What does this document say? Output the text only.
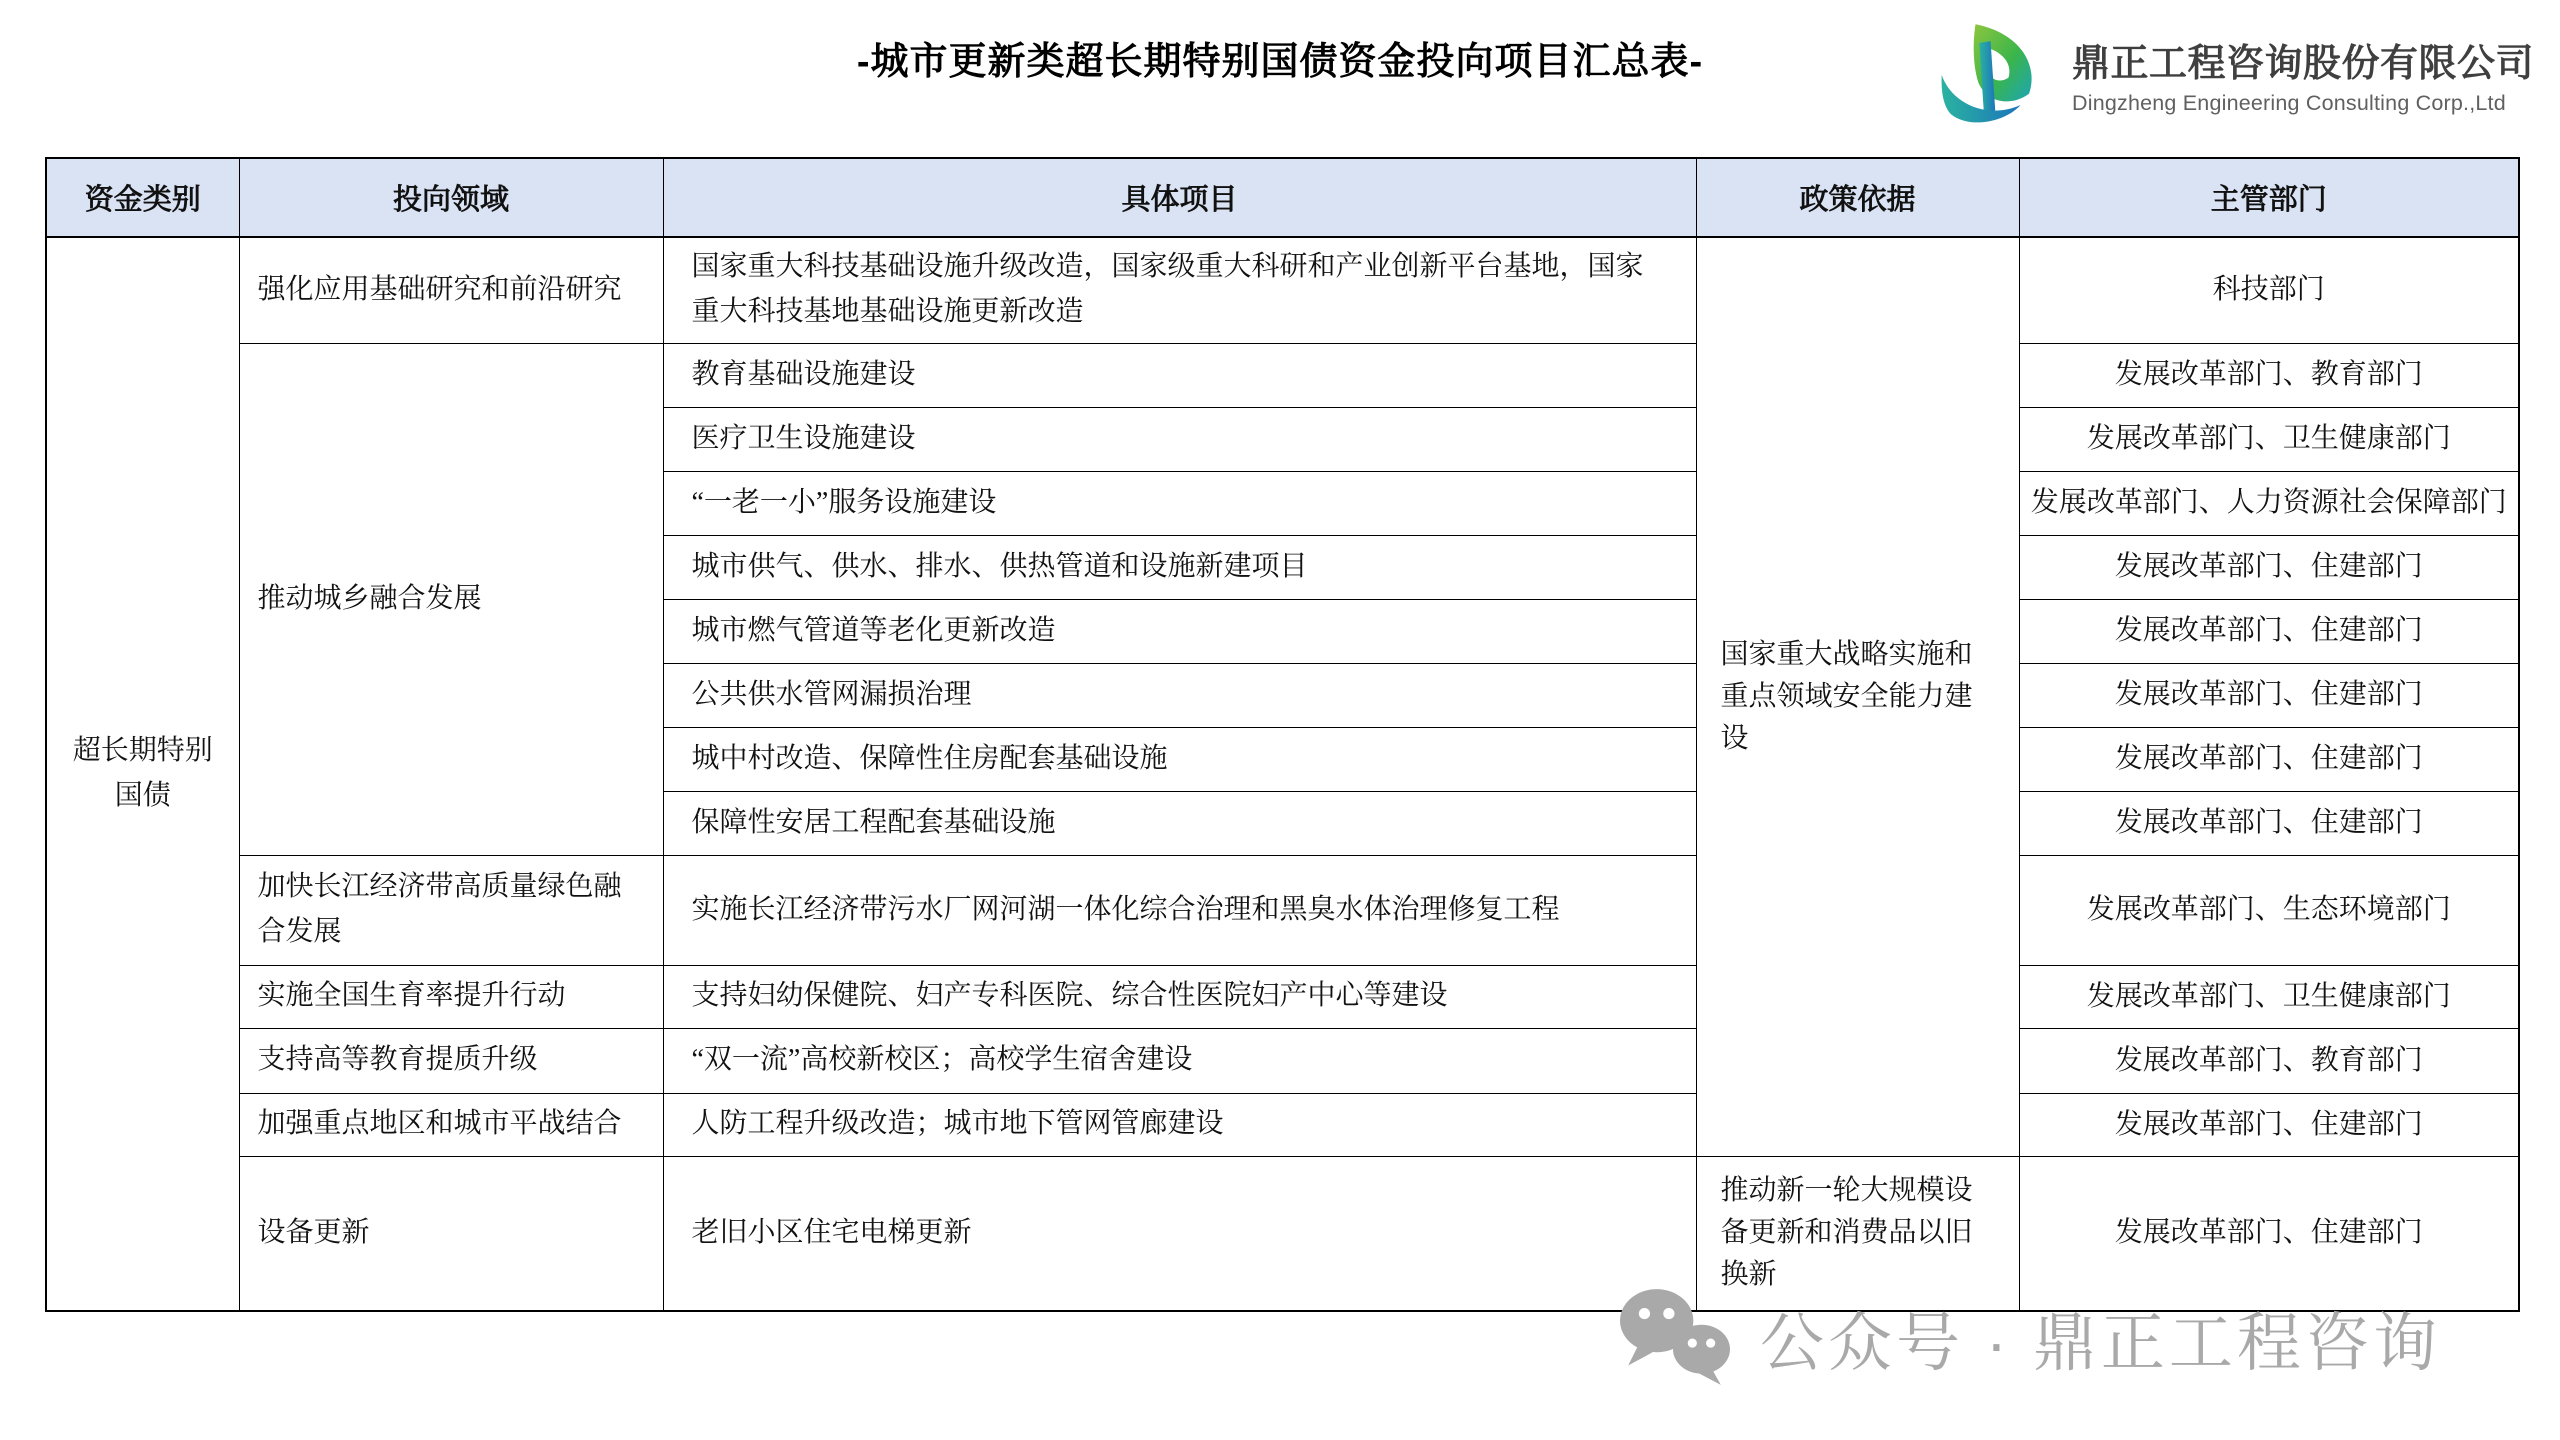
-城市更新类超长期特别国债资金投向项目汇总表-	鼎正工程咨询股份有限公司
Dingzheng Engineering Consulting Corp.,Ltd
资金类别	投向领域	具体项目	政策依据	主管部门
超长期特别国债	强化应用基础研究和前沿研究	国家重大科技基础设施升级改造，国家级重大科研和产业创新平台基地，国家重大科技基地基础设施更新改造	国家重大战略实施和重点领域安全能力建设	科技部门
	推动城乡融合发展	教育基础设施建设		发展改革部门、教育部门
		医疗卫生设施建设		发展改革部门、卫生健康部门
		“一老一小”服务设施建设		发展改革部门、人力资源社会保障部门
		城市供气、供水、排水、供热管道和设施新建项目		发展改革部门、住建部门
		城市燃气管道等老化更新改造		发展改革部门、住建部门
		公共供水管网漏损治理		发展改革部门、住建部门
		城中村改造、保障性住房配套基础设施		发展改革部门、住建部门
		保障性安居工程配套基础设施		发展改革部门、住建部门
	加快长江经济带高质量绿色融合发展	实施长江经济带污水厂网河湖一体化综合治理和黑臭水体治理修复工程		发展改革部门、生态环境部门
	实施全国生育率提升行动	支持妇幼保健院、妇产专科医院、综合性医院妇产中心等建设		发展改革部门、卫生健康部门
	支持高等教育提质升级	“双一流”高校新校区；高校学生宿舍建设		发展改革部门、教育部门
	加强重点地区和城市平战结合	人防工程升级改造；城市地下管网管廊建设		发展改革部门、住建部门
	设备更新	老旧小区住宅电梯更新	推动新一轮大规模设备更新和消费品以旧换新	发展改革部门、住建部门
公众号 · 鼎正工程咨询
